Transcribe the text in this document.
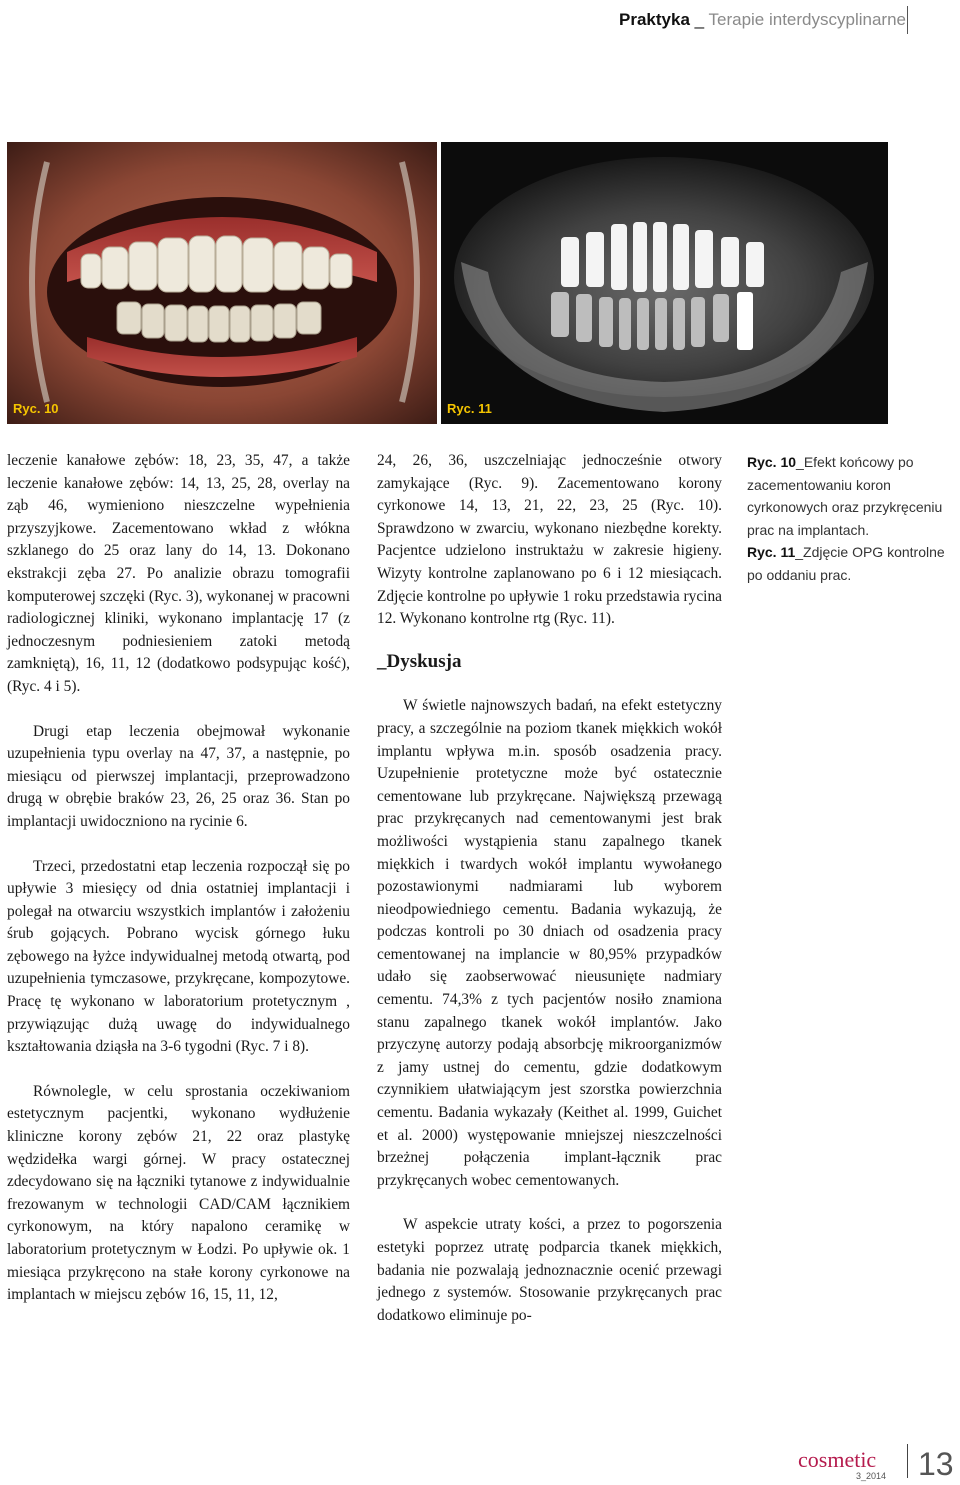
Praktyka _ Terapie interdyscyplinarne
Ryc. 10	Ryc. 11

leczenie kanałowe zębów: 18, 23, 35, 47, a także leczenie kanałowe zębów: 14, 13, 25, 28, overlay na ząb 46, wymieniono nieszczelne wypełnienia przyszyjkowe. Zacementowano wkład z włókna szklanego do 25 oraz lany do 14, 13. Dokonano ekstrakcji zęba 27. Po analizie obrazu tomografii komputerowej szczęki (Ryc. 3), wykonanej w pracowni radiologicznej kliniki, wykonano implantację 17 (z jednoczesnym podniesieniem zatoki metodą zamkniętą), 16, 11, 12 (dodatkowo podsypując kość), (Ryc. 4 i 5).

Drugi etap leczenia obejmował wykonanie uzupełnienia typu overlay na 47, 37, a następnie, po miesiącu od pierwszej implantacji, przeprowadzono drugą w obrębie braków 23, 26, 25 oraz 36. Stan po implantacji uwidoczniono na rycinie 6.

Trzeci, przedostatni etap leczenia rozpoczął się po upływie 3 miesięcy od dnia ostatniej implantacji i polegał na otwarciu wszystkich implantów i założeniu śrub gojących. Pobrano wycisk górnego łuku zębowego na łyżce indywidualnej metodą otwartą, pod uzupełnienia tymczasowe, przykręcane, kompozytowe. Pracę tę wykonano w laboratorium protetycznym , przywiązując dużą uwagę do indywidualnego kształtowania dziąsła na 3-6 tygodni (Ryc. 7 i 8).

Równolegle, w celu sprostania oczekiwaniom estetycznym pacjentki, wykonano wydłużenie kliniczne korony zębów 21, 22 oraz plastykę wędzidełka wargi górnej. W pracy ostatecznej zdecydowano się na łączniki tytanowe z indywidualnie frezowanym w technologii CAD/CAM łącznikiem cyrkonowym, na który napalono ceramikę w laboratorium protetycznym w Łodzi. Po upływie ok. 1 miesiąca przykręcono na stałe korony cyrkonowe na implantach w miejscu zębów 16, 15, 11, 12,

24, 26, 36, uszczelniając jednocześnie otwory zamykające (Ryc. 9). Zacementowano korony cyrkonowe 14, 13, 21, 22, 23, 25 (Ryc. 10). Sprawdzono w zwarciu, wykonano niezbędne korekty. Pacjentce udzielono instruktażu w zakresie higieny. Wizyty kontrolne zaplanowano po 6 i 12 miesiącach. Zdjęcie kontrolne po upływie 1 roku przedstawia rycina 12. Wykonano kontrolne rtg (Ryc. 11).

_Dyskusja

W świetle najnowszych badań, na efekt estetyczny pracy, a szczególnie na poziom tkanek miękkich wokół implantu wpływa m.in. sposób osadzenia pracy. Uzupełnienie protetyczne może być ostatecznie cementowane lub przykręcane. Największą przewagą prac przykręcanych nad cementowanymi jest brak możliwości wystąpienia stanu zapalnego tkanek miękkich i twardych wokół implantu wywołanego pozostawionymi nadmiarami lub wyborem nieodpowiedniego cementu. Badania wykazują, że podczas kontroli po 30 dniach od osadzenia pracy cementowanej na implancie w 80,95% przypadków udało się zaobserwować nieusunięte nadmiary cementu. 74,3% z tych pacjentów nosiło znamiona stanu zapalnego tkanek wokół implantów. Jako przyczynę autorzy podają absorbcję mikroorganizmów z jamy ustnej do cementu, gdzie dodatkowym czynnikiem ułatwiającym jest szorstka powierzchnia cementu. Badania wykazały (Keithet al. 1999, Guichet et al. 2000) występowanie mniejszej nieszczelności brzeżnej połączenia implant-łącznik prac przykręcanych wobec cementowanych.

W aspekcie utraty kości, a przez to pogorszenia estetyki poprzez utratę podparcia tkanek miękkich, badania nie pozwalają jednoznacznie ocenić przewagi jednego z systemów. Stosowanie przykręcanych prac dodatkowo eliminuje po-

Ryc. 10_Efekt końcowy po zacementowaniu koron cyrkonowych oraz przykręceniu prac na implantach.

Ryc. 11_Zdjęcie OPG kontrolne po oddaniu prac.

cosmetic
3_2014 13
